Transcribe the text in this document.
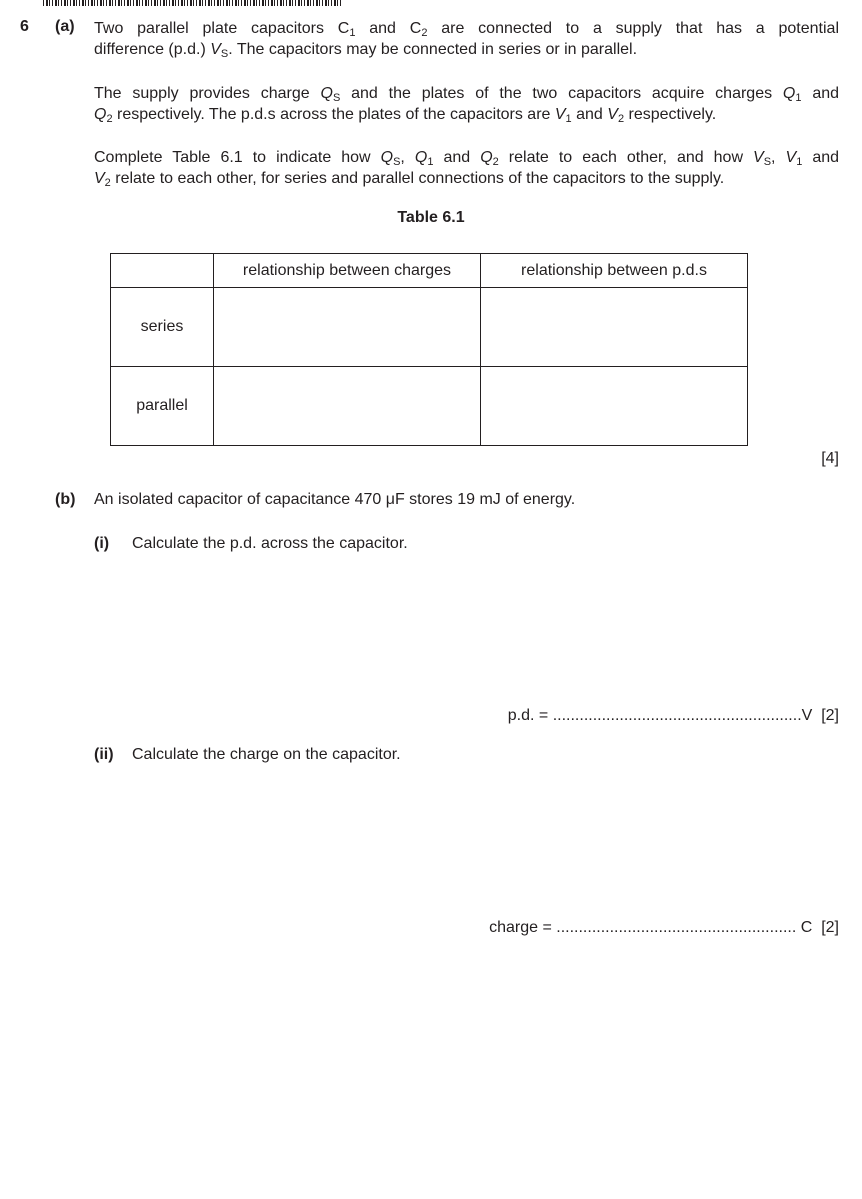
6 (a) Two parallel plate capacitors $C_1$ and $C_2$ are connected to a supply that has a potential
difference (p.d.) $V_S$. The capacitors may be connected in series or in parallel.
The supply provides charge $Q_S$ and the plates of the two capacitors acquire charges $Q_1$ and
$Q_2$ respectively. The p.d.s across the plates of the capacitors are $V_1$ and $V_2$ respectively.
Complete Table 6.1 to indicate how $Q_S$, $Q_1$ and $Q_2$ relate to each other, and how $V_S$, $V_1$ and
$V_2$ relate to each other, for series and parallel connections of the capacitors to the supply.
Table 6.1
	relationship between charges	relationship between p.d.s
series		
parallel		
[4]
(b) An isolated capacitor of capacitance 470 μF stores 19 mJ of energy.
(i) Calculate the p.d. across the capacitor.
p.d. = ........................................................V [2]
(ii) Calculate the charge on the capacitor.
charge = ...................................................... C [2]
